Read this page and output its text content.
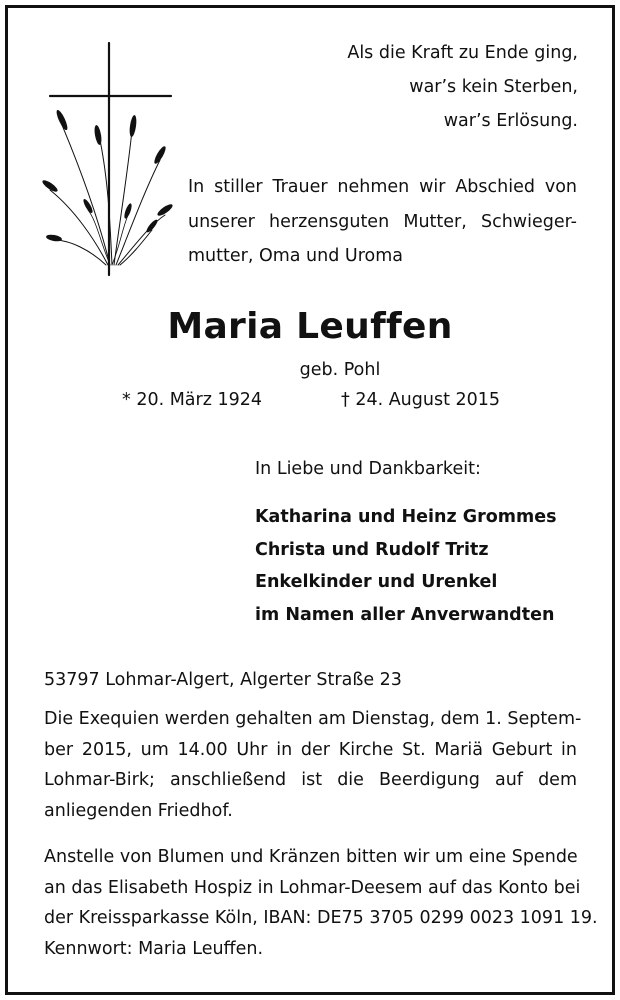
Als die Kraft zu Ende ging,
war’s kein Sterben,
war’s Erlösung.
In stiller Trauer nehmen wir Abschied von
unserer herzensguten Mutter, Schwieger-
mutter, Oma und Uroma
Maria Leuffen
geb. Pohl
* 20. März 1924	† 24. August 2015
In Liebe und Dankbarkeit:
Katharina und Heinz Grommes
Christa und Rudolf Tritz
Enkelkinder und Urenkel
im Namen aller Anverwandten
53797 Lohmar-Algert, Algerter Straße 23
Die Exequien werden gehalten am Dienstag, dem 1. Septem-
ber 2015, um 14.00 Uhr in der Kirche St. Mariä Geburt in
Lohmar-Birk; anschließend ist die Beerdigung auf dem
anliegenden Friedhof.
Anstelle von Blumen und Kränzen bitten wir um eine Spende
an das Elisabeth Hospiz in Lohmar-Deesem auf das Konto bei
der Kreissparkasse Köln, IBAN: DE75 3705 0299 0023 1091 19.
Kennwort: Maria Leuffen.
